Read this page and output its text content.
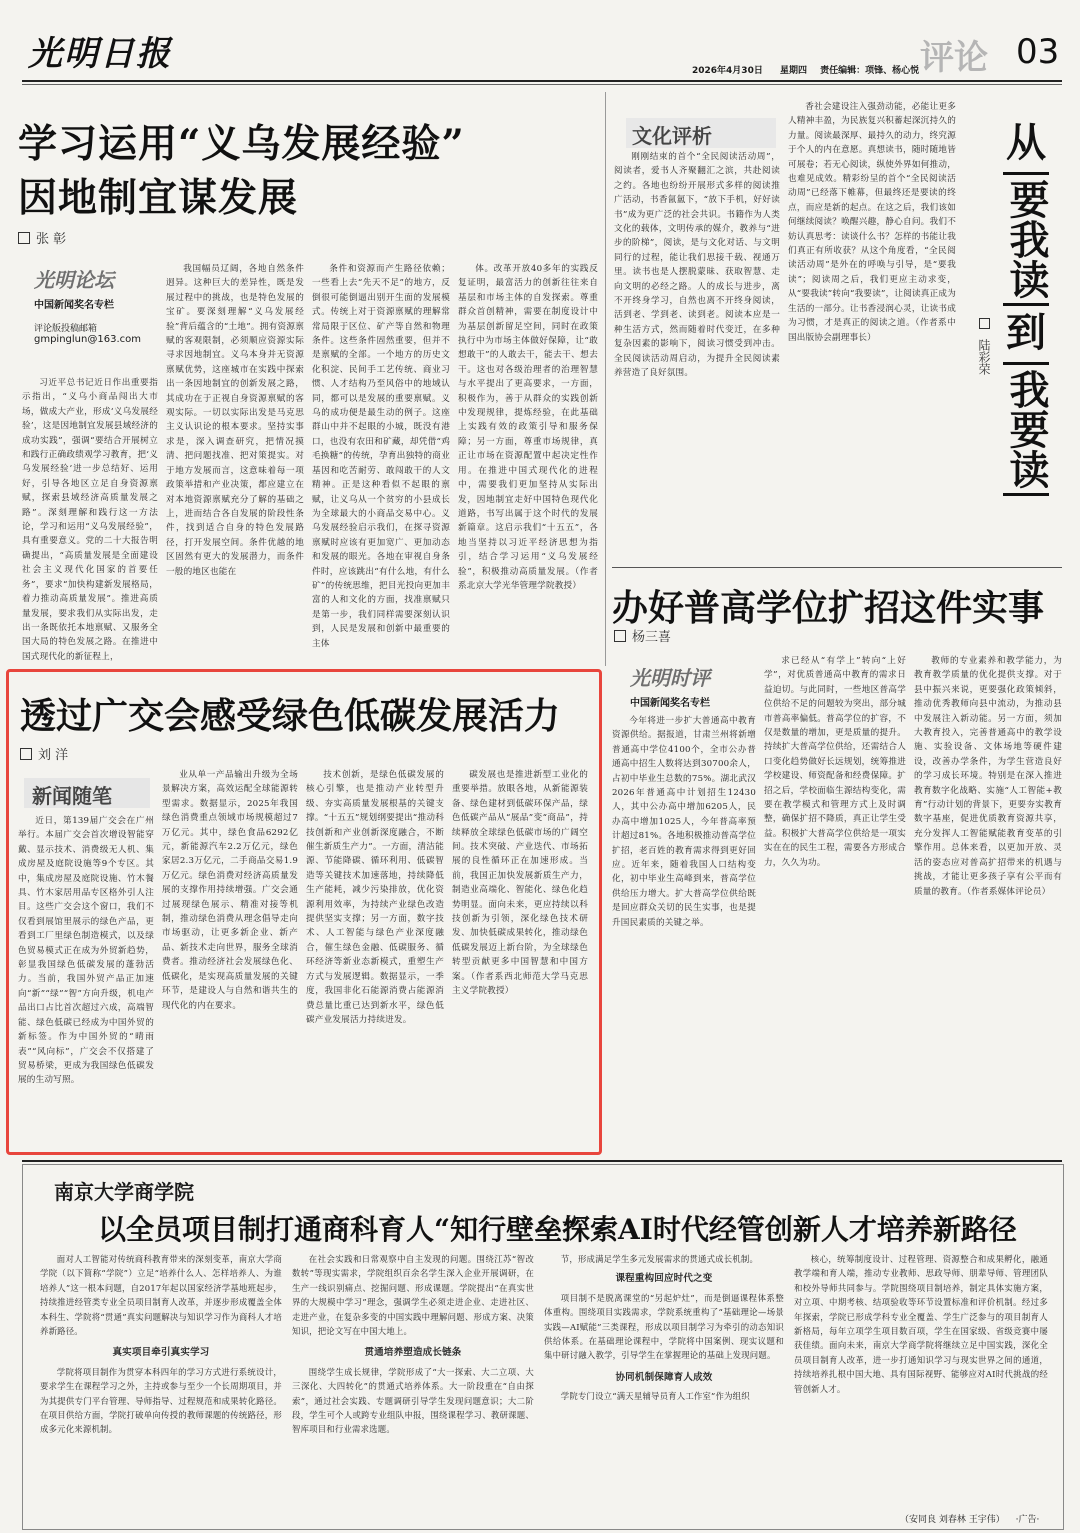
光明日报	2026年4月30日 星期四 责任编辑：项锋、杨心悦 评论 03
学习运用“义乌发展经验”
因地制宜谋发展
张 彰
光明论坛
中国新闻奖名专栏
评论版投稿邮箱
gmpinglun@163.com

习近平总书记近日作出重要指示指出，“义乌小商品闯出大市场，做成大产业，形成‘义乌发展经验’，这是因地制宜发展县域经济的成功实践”，强调“要结合开展树立和践行正确政绩观学习教育，把‘义乌发展经验’进一步总结好、运用好，引导各地区立足自身资源禀赋，探索县域经济高质量发展之路”。深刻理解和践行这一方法论，学习和运用“义乌发展经验”，具有重要意义。党的二十大报告明确提出，“高质量发展是全面建设社会主义现代化国家的首要任务”，要求“加快构建新发展格局，着力推动高质量发展”。推进高质量发展，要求我们从实际出发，走出一条既依托本地禀赋、又服务全国大局的特色发展之路。在推进中国式现代化的新征程上，

我国幅员辽阔，各地自然条件迥异。这种巨大的差异性，既是发展过程中的挑战，也是特色发展的宝矿。要深刻理解“义乌发展经验”背后蕴含的“土地”。拥有资源禀赋的客观限制，必须顺应资源实际寻求因地制宜。义乌本身并无资源禀赋优势，这座城市在实践中探索出一条因地制宜的创新发展之路，其成功在于正视自身资源禀赋的客观实际。一切以实际出发是马克思主义认识论的根本要求。坚持实事求是，深入调查研究，把情况摸清、把问题找准、把对策提实。对于地方发展而言，这意味着每一项政策举措和产业决策，都应建立在对本地资源禀赋充分了解的基础之上，进而结合各自发展的阶段性条件，找到适合自身的特色发展路径，打开发展空间。条件优越的地区固然有更大的发展潜力，而条件一般的地区也能在

条件和资源而产生路径依赖；一些看上去“先天不足”的地方，反倒很可能倒逼出别开生面的发展模式。传统上对于资源禀赋的理解常常局限于区位、矿产等自然和物理条件。这些条件固然重要，但并不是禀赋的全部。一个地方的历史文化积淀、民间手工艺传统、商业习惯、人才结构乃至风俗中的地域认同，都可以是发展的重要禀赋。义乌的成功便是最生动的例子。这座群山中并不起眼的小城，既没有港口，也没有农田和矿藏，却凭借“鸡毛换糖”的传统，孕育出独特的商业基因和吃苦耐劳、敢闯敢干的人文精神。正是这种看似不起眼的禀赋，让义乌从一个贫穷的小县成长为全球最大的小商品交易中心。义乌发展经验启示我们，在探寻资源禀赋时应该有更加宽广、更加动态和发展的眼光。各地在审视自身条件时，应该跳出“有什么地，有什么矿”的传统思维，把目光投向更加丰富的人和文化的方面，找准禀赋只是第一步，我们同样需要深刻认识到，人民是发展和创新中最重要的主体

体。改革开放40多年的实践反复证明，最富活力的创新往往来自基层和市场主体的自发探索。尊重群众首创精神，需要在制度设计中为基层创新留足空间，同时在政策执行中为市场主体做好保障，让“敢想敢干”的人敢去干，能去干、想去干。这也对各级治理者的治理智慧与水平提出了更高要求，一方面，积极作为，善于从群众的实践创新中发现规律，提炼经验，在此基础上实践有效的政策引导和服务保障；另一方面，尊重市场规律，真正让市场在资源配置中起决定性作用。在推进中国式现代化的进程中，需要我们更加坚持从实际出发，因地制宜走好中国特色现代化道路，书写出属于这个时代的发展新篇章。这启示我们“十五五”，各地当坚持以习近平经济思想为指引，结合学习运用“义乌发展经验”，积极推动高质量发展。（作者系北京大学光华管理学院教授）

文化评析

刚刚结束的首个“全民阅读活动周”，阅读者，爱书人齐聚翻汇之滨，共赴阅读之约。各地也纷纷开展形式多样的阅读推广活动，书香氤氲下，“放下手机，好好读书”成为更广泛的社会共识。书籍作为人类文化的载体，文明传承的媒介，教养与“进步的阶梯”，阅读，是与文化对话、与文明同行的过程，能让我们思接千载、视通万里。读书也是人摆脱蒙昧、获取智慧、走向文明的必经之路。人的成长与进步，离不开终身学习，自然也离不开终身阅读，活到老、学到老、读到老。阅读本应是一种生活方式，然而随着时代变迁，在多种复杂因素的影响下，阅读习惯受到冲击。全民阅读活动周启动，为提升全民阅读素养营造了良好氛围。

香社会建设注入强劲动能，必能让更多人精神丰盈，为民族复兴积蓄起深沉持久的力量。阅读最深厚、最持久的动力，终究源于个人的内在意愿。真想读书，随时随地皆可展卷；若无心阅读，纵使外界如何推动，也难见成效。精彩纷呈的首个“全民阅读活动周”已经落下帷幕，但最终还是要读的终点，而应是新的起点。在这之后，我们该如何继续阅读？唤醒兴趣，静心自问。我们不妨认真思考：读谈什么书？怎样的书能让我们真正有所收获？从这个角度看，“全民阅读活动周”是外在的呼唤与引导，是“要我读”；阅读周之后，我们更应主动求变，从“要我读”转向“我要读”，让阅读真正成为生活的一部分。让书香浸润心灵，让读书成为习惯，才是真正的阅读之道。（作者系中国出版协会副理事长）

从
要我读
到
我要读
陆彩荣
办好普高学位扩招这件实事
杨三喜
光明时评
中国新闻奖名专栏

今年将进一步扩大普通高中教育资源供给。据报道，甘肃兰州将新增普通高中学位4100个，全市公办普通高中招生人数将达到30700余人，占初中毕业生总数的75%。湖北武汉2026年普通高中计划招生12430人，其中公办高中增加6205人，民办高中增加1025人，今年普高率预计超过81%。各地积极推动普高学位扩招，老百姓的教育需求得到更好回应。近年来，随着我国人口结构变化，初中毕业生高峰到来，普高学位供给压力增大。扩大普高学位供给既是回应群众关切的民生实事，也是提升国民素质的关键之举。

求已经从“有学上”转向“上好学”，对优质普通高中教育的需求日益迫切。与此同时，一些地区普高学位供给不足的问题较为突出，部分城市普高率偏低。普高学位的扩容，不仅是数量的增加，更是质量的提升。持续扩大普高学位供给，还需结合人口变化趋势做好长远规划，统筹推进学校建设、师资配备和经费保障。扩招之后，学校面临生源结构变化，需要在教学模式和管理方式上及时调整，确保扩招不降质，真正让学生受益。积极扩大普高学位供给是一项实实在在的民生工程，需要各方形成合力，久久为功。

教师的专业素养和教学能力，为教育教学质量的优化提供支撑。对于县中振兴来说，更要强化政策倾斜，推动优秀教师向县中流动，为推动县中发展注入新动能。另一方面，须加大教育投入，完善普通高中的教学设施、实验设备、文体场地等硬件建设，改善办学条件，为学生营造良好的学习成长环境。特别是在深入推进教育数字化战略、实施“人工智能+教育”行动计划的背景下，更要夯实教育数字基座，促进优质教育资源共享，充分发挥人工智能赋能教育变革的引擎作用。总体来看，以更加开放、灵活的姿态应对普高扩招带来的机遇与挑战，才能让更多孩子享有公平而有质量的教育。（作者系媒体评论员）

透过广交会感受绿色低碳发展活力
刘 洋
新闻随笔

近日，第139届广交会在广州举行。本届广交会首次增设智能穿戴、显示技术、消费级无人机、集成房屋及庭院设施等9个专区。其中，集成房屋及庭院设施、竹木餐具、竹木家居用品专区格外引人注目。这些广交会这个窗口，我们不仅看到展馆里展示的绿色产品，更看到工厂里绿色制造模式，以及绿色贸易模式正在成为外贸新趋势，彰显我国绿色低碳发展的蓬勃活力。当前，我国外贸产品正加速向“新”“绿”“智”方向升级，机电产品出口占比首次超过六成，高端智能、绿色低碳已经成为中国外贸的新标签。作为中国外贸的“晴雨表”“风向标”，广交会不仅搭建了贸易桥梁，更成为我国绿色低碳发展的生动写照。

业从单一产品输出升级为全场景解决方案，高效运配全球能源转型需求。数据显示，2025年我国绿色消费重点领域市场规模超过7万亿元。其中，绿色食品6292亿元，新能源汽车2.2万亿元，绿色家居2.3万亿元，二手商品交易1.9万亿元。绿色消费对经济高质量发展的支撑作用持续增强。广交会通过展现绿色展示、精准对接等机制，推动绿色消费从理念倡导走向市场驱动，让更多新企业、新产品、新技术走向世界，服务全球消费者。推动经济社会发展绿色化、低碳化，是实现高质量发展的关键环节，是建设人与自然和谐共生的现代化的内在要求。

技术创新，是绿色低碳发展的核心引擎，也是推动产业转型升级、夯实高质量发展根基的关键支撑。“十五五”规划纲要提出“推动科技创新和产业创新深度融合，不断催生新质生产力”。一方面，清洁能源、节能降碳、循环利用、低碳智造等关键技术加速落地，持续降低生产能耗，减少污染排放，优化资源利用效率，为持续产业绿色改造提供坚实支撑；另一方面，数字技术、人工智能与绿色产业深度融合，催生绿色金融、低碳服务、循环经济等新业态新模式，重塑生产方式与发展逻辑。数据显示，一季度，我国非化石能源消费占能源消费总量比重已达到新水平，绿色低碳产业发展活力持续迸发。

碳发展也是推进新型工业化的重要举措。放眼各地，从新能源装备、绿色建材到低碳环保产品，绿色低碳产品从“展品”变“商品”，持续释放全球绿色低碳市场的广阔空间。技术突破、产业迭代、市场拓展的良性循环正在加速形成。当前，我国正加快发展新质生产力，制造业高端化、智能化、绿色化趋势明显。面向未来，更应持续以科技创新为引领，深化绿色技术研发、加快低碳成果转化，推动绿色低碳发展迈上新台阶，为全球绿色转型贡献更多中国智慧和中国方案。（作者系西北师范大学马克思主义学院教授）

南京大学商学院
以全员项目制打通商科育人“知行壁垒”
探索AI时代经管创新人才培养新路径

面对人工智能对传统商科教育带来的深刻变革，南京大学商学院（以下简称“学院”）立足“培养什么人、怎样培养人、为谁培养人”这一根本问题，自2017年起以国家经济学基地班起步，持续推进经管类专业全员项目制育人改革，并逐步形成覆盖全体本科生、学院将“贯通”真实问题解决与知识学习作为商科人才培养新路径。

真实项目牵引真实学习

学院将项目制作为贯穿本科四年的学习方式进行系统设计，要求学生在课程学习之外，主持或参与至少一个长周期项目，并为其提供专门平台管理、导师指导、过程规范和成果转化路径。在项目供给方面，学院打破单向传授的教师课题的传统路径，形成多元化来源机制。

在社会实践和日常观察中自主发现的问题。围绕江苏“智改数转”等现实需求，学院组织百余名学生深入企业开展调研，在生产一线识别痛点、挖掘问题、形成课题。学院提出“在真实世界的大规模中学习”理念，强调学生必须走进企业、走进社区、走进产业，在复杂多变的中国实践中理解问题、形成方案、决策知识，把论文写在中国大地上。

贯通培养塑造成长链条

围绕学生成长规律，学院形成了“大一探索、大二立项、大三深化、大四转化”的贯通式培养体系。大一阶段重在“自由探索”，通过社会实践、专题调研引导学生发现问题意识；大二阶段，学生可个人或跨专业组队申报，围绕课程学习、教研课题、智库项目和行业需求选题。

节，形成满足学生多元发展需求的贯通式成长机制。

课程重构回应时代之变

项目制不是脱离课堂的“另起炉灶”，而是倒逼课程体系整体重构。围绕项目实践需求，学院系统重构了“基础理论—场景实践—AI赋能”三类课程，形成以项目制学习为牵引的动态知识供给体系。在基础理论课程中，学院将中国案例、现实议题和集中研讨融入教学，引导学生在掌握理论的基础上发现问题。

协同机制保障育人成效

学院专门设立“满天星辅导员育人工作室”作为组织

核心，统筹制度设计、过程管理、资源整合和成果孵化，融通教学端和育人端，推动专业教师、思政导师、朋辈导师、管理团队和校外导师共同参与。学院围绕项目制培养，制定具体实施方案，对立项、中期考核、结项验收等环节设置标准和评价机制。经过多年探索，学院已形成学科专业全覆盖、学生广泛参与的项目制育人新格局，每年立项学生项目数百项，学生在国家级、省级竞赛中屡获佳绩。面向未来，南京大学商学院将继续立足中国实践，深化全员项目制育人改革，进一步打通知识学习与现实世界之间的通道，持续培养扎根中国大地、具有国际视野、能够应对AI时代挑战的经管创新人才。

（安同良 刘春林 王宇伟） ·广告·
